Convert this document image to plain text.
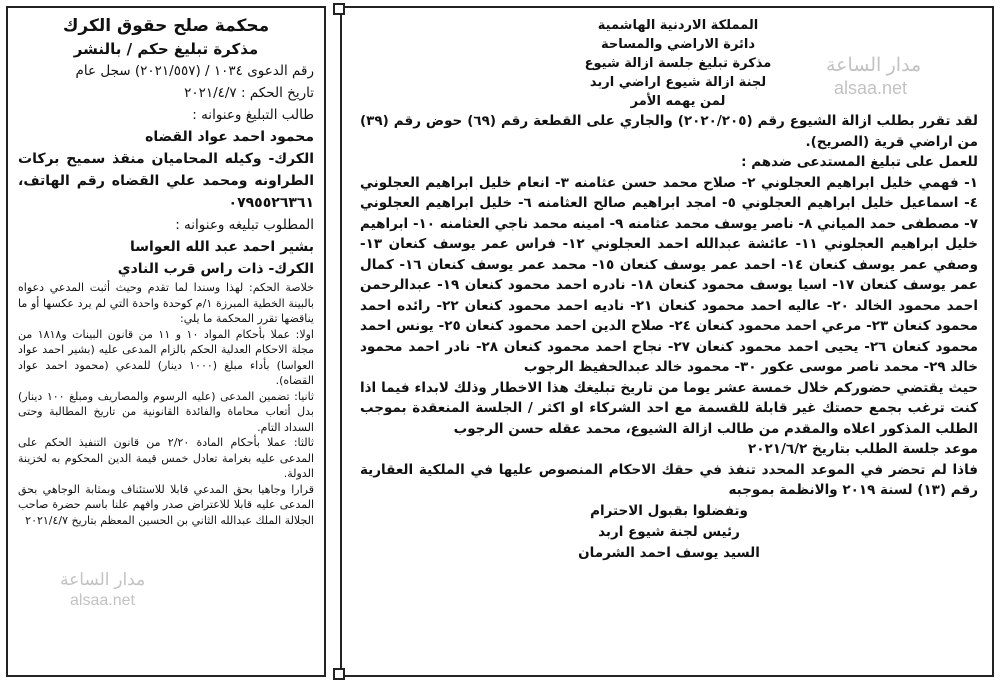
محكمة صلح حقوق الكرك
مذكرة تبليغ حكم / بالنشر
رقم الدعوى ١٠٣٤ / (٢٠٢١/٥٥٧) سجل عام
تاريخ الحكم : ٢٠٢١/٤/٧
طالب التبليغ وعنوانه :
محمود احمد عواد القضاه
الكرك- وكيله المحاميان منقذ سميح بركات الطراونه ومحمد علي القضاه رقم الهاتف، ٠٧٩٥٥٢٦٣٦١
المطلوب تبليغه وعنوانه :
بشير احمد عبد الله العواسا
الكرك- ذات راس قرب النادي
خلاصة الحكم: لهذا وسندا لما تقدم وحيث أثبت المدعي دعواه بالبينة الخطية المبرزة ١/م كوحدة واحدة التي لم يرد عكسها أو ما يناقضها تقرر المحكمة ما يلي:
اولا: عملا بأحكام المواد ١٠ و ١١ من قانون البينات و١٨١٨ من مجلة الاحكام العدلية الحكم بالزام المدعى عليه (بشير احمد عواد العواسا) بأداء مبلغ (١٠٠٠ دينار) للمدعي (محمود احمد عواد القضاه).
ثانيا: تضمين المدعى (عليه الرسوم والمصاريف ومبلغ ١٠٠ دينار) بدل أتعاب محاماة والفائدة القانونية من تاريخ المطالبة وحتى السداد التام.
ثالثا: عملا بأحكام المادة ٢/٢٠ من قانون التنفيذ الحكم على المدعى عليه بغرامة تعادل خمس قيمة الدين المحكوم به لخزينة الدولة.
قرارا وجاهيا بحق المدعي قابلا للاستئناف وبمثابة الوجاهي بحق المدعى عليه قابلا للاعتراض صدر وافهم علنا باسم حضرة صاحب الجلالة الملك عبدالله الثاني بن الحسين المعظم بتاريخ ٢٠٢١/٤/٧
المملكة الاردنية الهاشمية
دائرة الاراضي والمساحة
مذكرة تبليغ جلسة ازالة شيوع
لجنة ازالة شيوع اراضي اربد
لمن يهمه الأمر
لقد تقرر بطلب ازالة الشيوع رقم (٢٠٢٠/٢٠٥) والجاري على القطعة رقم (٦٩) حوض رقم (٣٩) من اراضي قرية (الصريح).
للعمل على تبليغ المستدعى ضدهم :
١- فهمي خليل ابراهيم العجلوني ٢- صلاح محمد حسن عثامنه ٣- انعام خليل ابراهيم العجلوني ٤- اسماعيل خليل ابراهيم العجلوني ٥- امجد ابراهيم صالح العثامنه ٦- خليل ابراهيم العجلوني ٧- مصطفى حمد المياني ٨- ناصر يوسف محمد عثامنه ٩- امينه محمد ناجي العثامنه ١٠- ابراهيم خليل ابراهيم العجلوني ١١- عائشة عبدالله احمد العجلوني ١٢- فراس عمر يوسف كنعان ١٣- وصفي عمر يوسف كنعان ١٤- احمد عمر يوسف كنعان ١٥- محمد عمر يوسف كنعان ١٦- كمال عمر يوسف كنعان ١٧- اسيا يوسف محمود كنعان ١٨- نادره احمد محمود كنعان ١٩- عبدالرحمن احمد محمود الخالد ٢٠- عاليه احمد محمود كنعان ٢١- ناديه احمد محمود كنعان ٢٢- رائده احمد محمود كنعان ٢٣- مرعي احمد محمود كنعان ٢٤- صلاح الدين احمد محمود كنعان ٢٥- يونس احمد محمود كنعان ٢٦- يحيى احمد محمود كنعان ٢٧- نجاح احمد محمود كنعان ٢٨- نادر احمد محمود خالد ٢٩- محمد ناصر موسى عكور ٣٠- محمود خالد عبدالحفيظ الرجوب
حيث يقتضي حضوركم خلال خمسة عشر يوما من تاريخ تبليغك هذا الاخطار وذلك لابداء فيما اذا كنت ترغب بجمع حصتك غير قابلة للقسمة مع احد الشركاء او اكثر / الجلسة المنعقدة بموجب الطلب المذكور اعلاه والمقدم من طالب ازالة الشيوع، محمد عقله حسن الرجوب
موعد جلسة الطلب بتاريخ ٢٠٢١/٦/٢
فاذا لم تحضر في الموعد المحدد تنفذ في حقك الاحكام المنصوص عليها في الملكية العقارية رقم (١٣) لسنة ٢٠١٩ والانظمة بموجبه
وتفضلوا بقبول الاحترام
رئيس لجنة شيوع اربد
السيد يوسف احمد الشرمان
مدار الساعة
alsaa.net
مدار الساعة
alsaa.net
